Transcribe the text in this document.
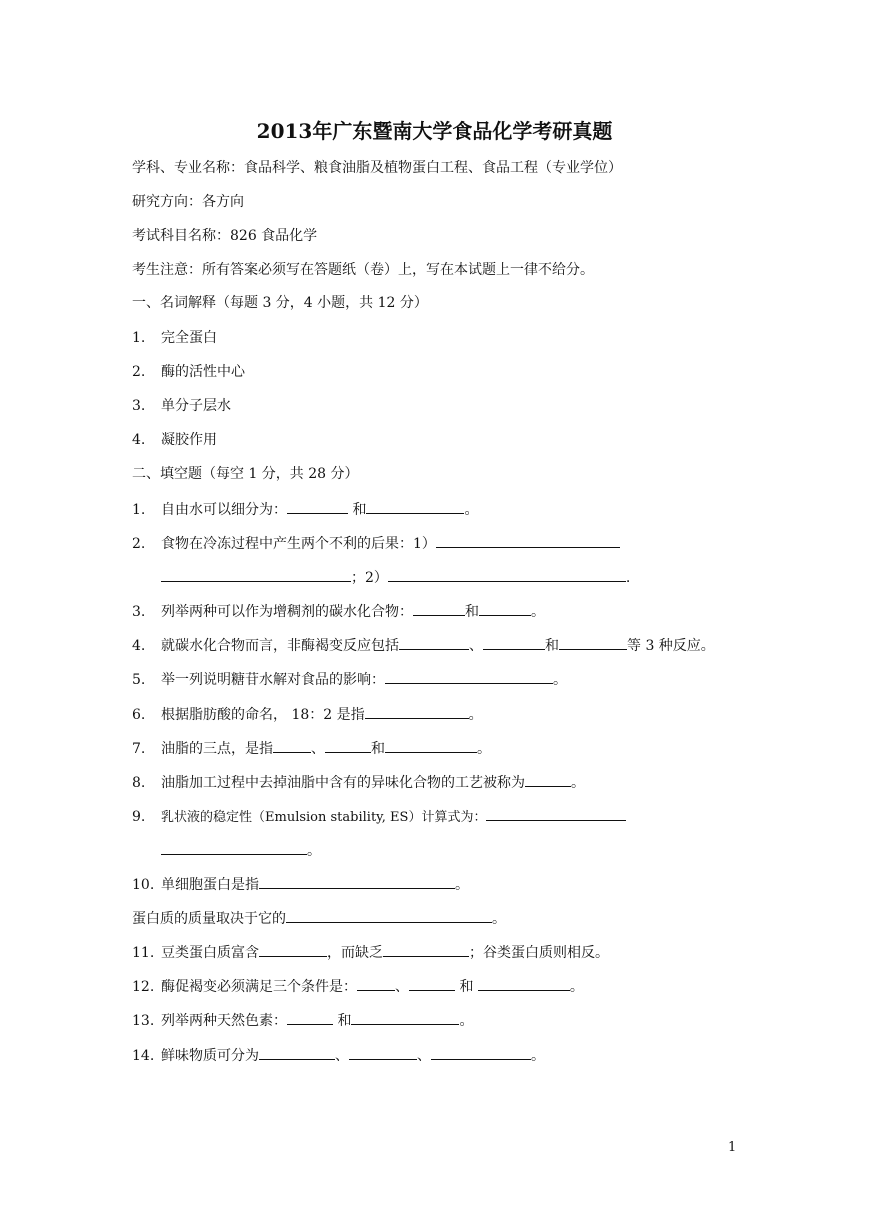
2013年广东暨南大学食品化学考研真题
学科、专业名称：食品科学、粮食油脂及植物蛋白工程、食品工程（专业学位）
研究方向：各方向
考试科目名称：826 食品化学
考生注意：所有答案必须写在答题纸（卷）上，写在本试题上一律不给分。
一、名词解释（每题 3 分，4 小题，共 12 分）
1. 完全蛋白
2. 酶的活性中心
3. 单分子层水
4. 凝胶作用
二、填空题（每空 1 分，共 28 分）
1. 自由水可以细分为：	和	。
2. 食物在冷冻过程中产生两个不利的后果：1）
；2）	.
3. 列举两种可以作为增稠剂的碳水化合物：	和	。
4. 就碳水化合物而言，非酶褐变反应包括	、	和	等 3 种反应。
5. 举一列说明糖苷水解对食品的影响：	。
6. 根据脂肪酸的命名， 18：2 是指	。
7. 油脂的三点，是指	、	和	。
8. 油脂加工过程中去掉油脂中含有的异味化合物的工艺被称为	。
9. 乳状液的稳定性（Emulsion stability, ES）计算式为：
。
10. 单细胞蛋白是指	。
蛋白质的质量取决于它的	。
11. 豆类蛋白质富含	，而缺乏	；谷类蛋白质则相反。
12. 酶促褐变必须满足三个条件是：	、	和	。
13. 列举两种天然色素：	和	。
14. 鲜味物质可分为	、	、	。
1
